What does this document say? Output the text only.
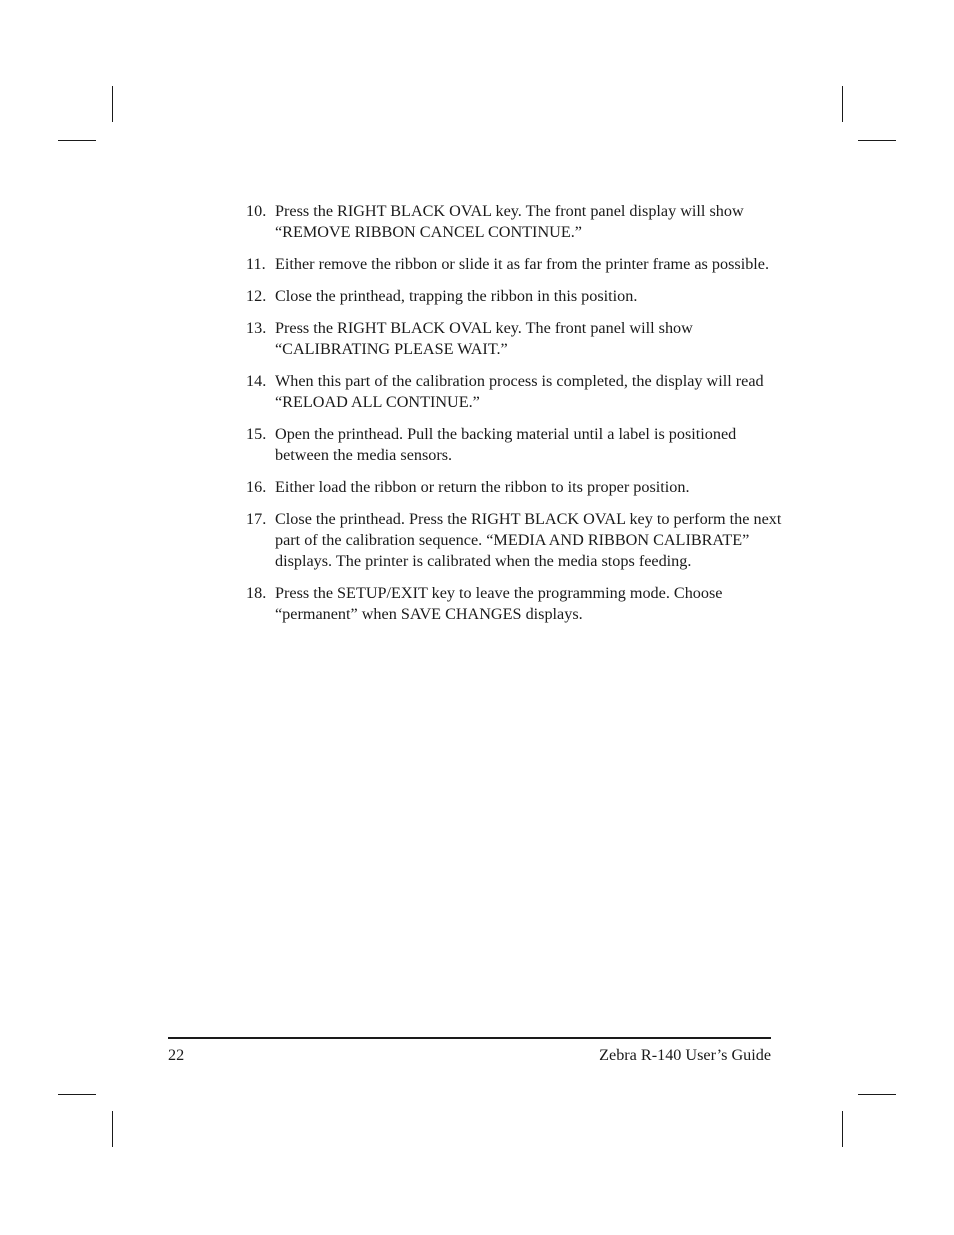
10. Press the RIGHT BLACK OVAL key. The front panel display will show “REMOVE RIBBON CANCEL CONTINUE.”
11. Either remove the ribbon or slide it as far from the printer frame as possible.
12. Close the printhead, trapping the ribbon in this position.
13. Press the RIGHT BLACK OVAL key. The front panel will show “CALIBRATING PLEASE WAIT.”
14. When this part of the calibration process is completed, the display will read “RELOAD ALL CONTINUE.”
15. Open the printhead. Pull the backing material until a label is positioned between the media sensors.
16. Either load the ribbon or return the ribbon to its proper position.
17. Close the printhead. Press the RIGHT BLACK OVAL key to perform the next part of the calibration sequence. “MEDIA AND RIBBON CALIBRATE” displays. The printer is calibrated when the media stops feeding.
18. Press the SETUP/EXIT key to leave the programming mode. Choose “permanent” when SAVE CHANGES displays.
22	Zebra R-140 User’s Guide
